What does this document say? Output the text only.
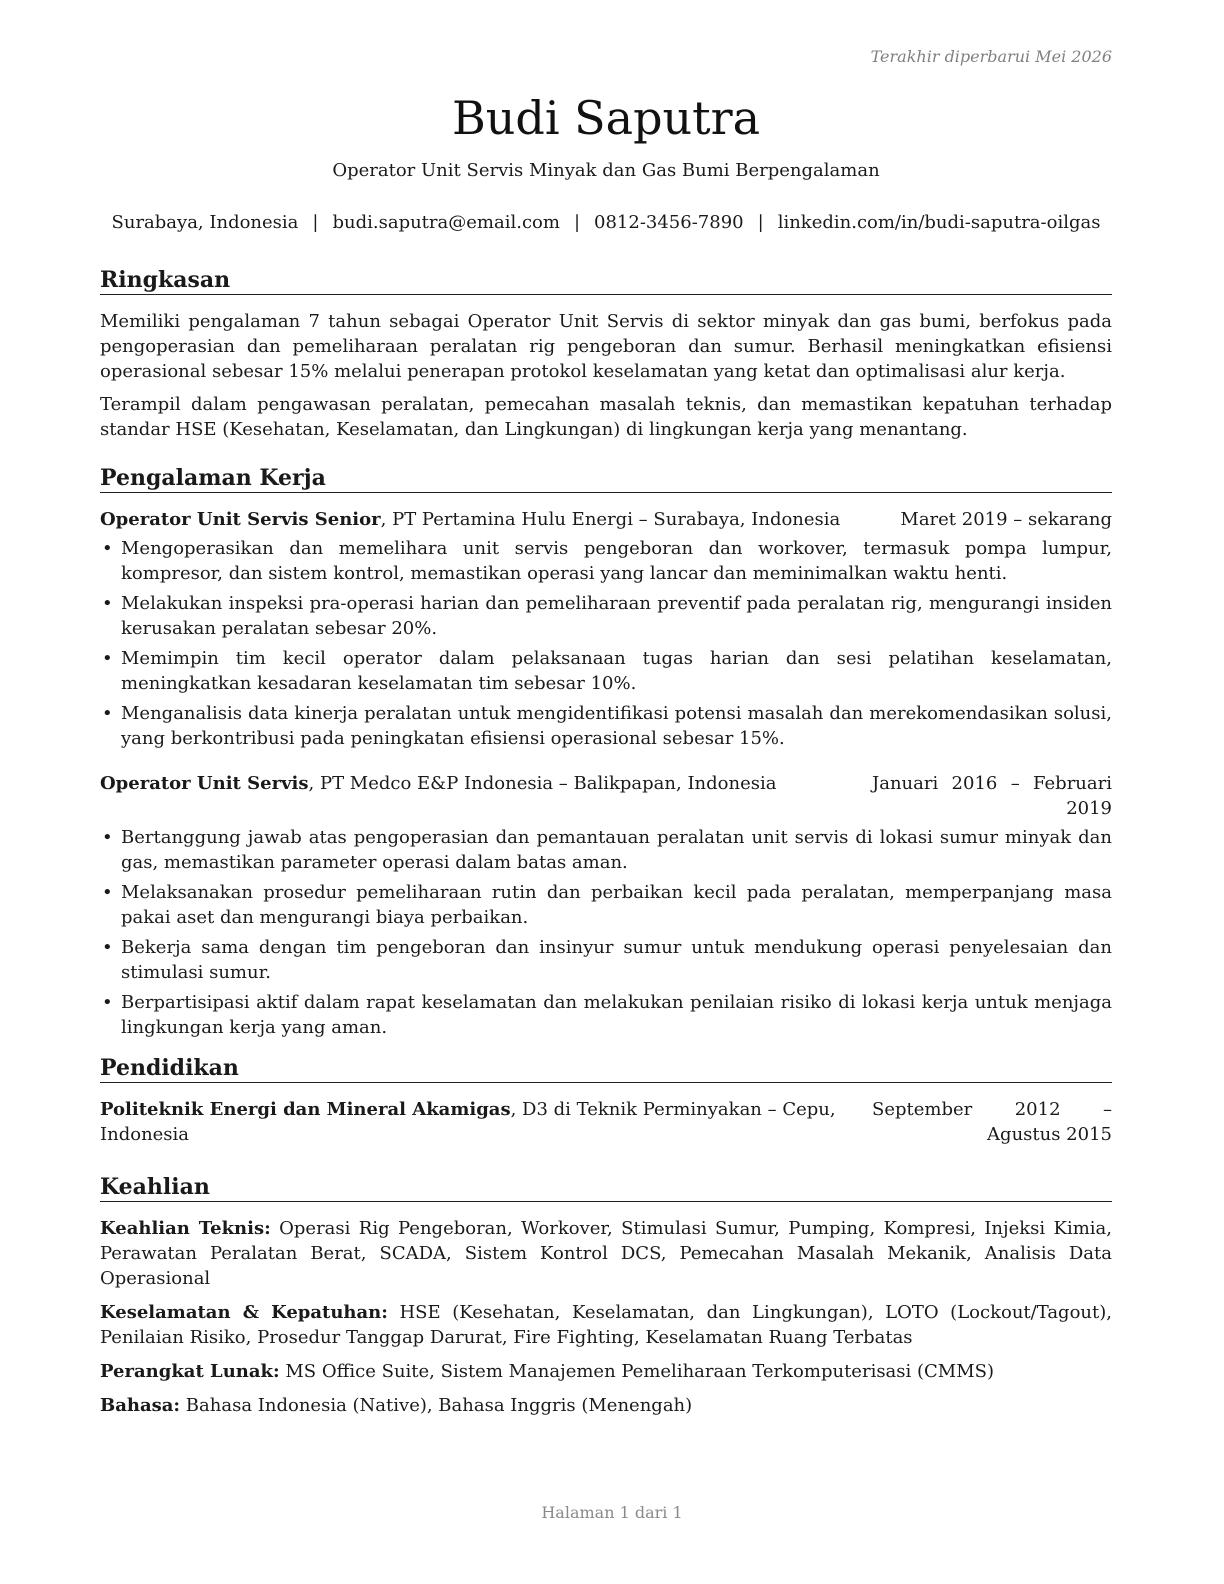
Terakhir diperbarui Mei 2026
Budi Saputra
Operator Unit Servis Minyak dan Gas Bumi Berpengalaman
Surabaya, Indonesia | budi.saputra@email.com | 0812-3456-7890 | linkedin.com/in/budi-saputra-oilgas
Ringkasan

Memiliki pengalaman 7 tahun sebagai Operator Unit Servis di sektor minyak dan gas bumi, berfokus pada pengoperasian dan pemeliharaan peralatan rig pengeboran dan sumur. Berhasil meningkatkan efisiensi operasional sebesar 15% melalui penerapan protokol keselamatan yang ketat dan optimalisasi alur kerja.

Terampil dalam pengawasan peralatan, pemecahan masalah teknis, dan memastikan kepatuhan terhadap standar HSE (Kesehatan, Keselamatan, dan Lingkungan) di lingkungan kerja yang menantang.

Pengalaman Kerja
Operator Unit Servis Senior, PT Pertamina Hulu Energi – Surabaya, Indonesia	Maret 2019 – sekarang
• Mengoperasikan dan memelihara unit servis pengeboran dan workover, termasuk pompa lumpur, kompresor, dan sistem kontrol, memastikan operasi yang lancar dan meminimalkan waktu henti.
• Melakukan inspeksi pra-operasi harian dan pemeliharaan preventif pada peralatan rig, mengurangi insiden kerusakan peralatan sebesar 20%.
• Memimpin tim kecil operator dalam pelaksanaan tugas harian dan sesi pelatihan keselamatan, meningkatkan kesadaran keselamatan tim sebesar 10%.
• Menganalisis data kinerja peralatan untuk mengidentifikasi potensi masalah dan merekomendasikan solusi, yang berkontribusi pada peningkatan efisiensi operasional sebesar 15%.
Operator Unit Servis, PT Medco E&P Indonesia – Balikpapan, Indonesia	Januari 2016 – Februari 2019
• Bertanggung jawab atas pengoperasian dan pemantauan peralatan unit servis di lokasi sumur minyak dan gas, memastikan parameter operasi dalam batas aman.
• Melaksanakan prosedur pemeliharaan rutin dan perbaikan kecil pada peralatan, memperpanjang masa pakai aset dan mengurangi biaya perbaikan.
• Bekerja sama dengan tim pengeboran dan insinyur sumur untuk mendukung operasi penyelesaian dan stimulasi sumur.
• Berpartisipasi aktif dalam rapat keselamatan dan melakukan penilaian risiko di lokasi kerja untuk menjaga lingkungan kerja yang aman.
Pendidikan
Politeknik Energi dan Mineral Akamigas, D3 di Teknik Perminyakan – Cepu, Indonesia
September 2012 – Agustus 2015
Keahlian
Keahlian Teknis: Operasi Rig Pengeboran, Workover, Stimulasi Sumur, Pumping, Kompresi, Injeksi Kimia, Perawatan Peralatan Berat, SCADA, Sistem Kontrol DCS, Pemecahan Masalah Mekanik, Analisis Data Operasional
Keselamatan & Kepatuhan: HSE (Kesehatan, Keselamatan, dan Lingkungan), LOTO (Lockout/Tagout), Penilaian Risiko, Prosedur Tanggap Darurat, Fire Fighting, Keselamatan Ruang Terbatas
Perangkat Lunak: MS Office Suite, Sistem Manajemen Pemeliharaan Terkomputerisasi (CMMS)
Bahasa: Bahasa Indonesia (Native), Bahasa Inggris (Menengah)
Halaman 1 dari 1
